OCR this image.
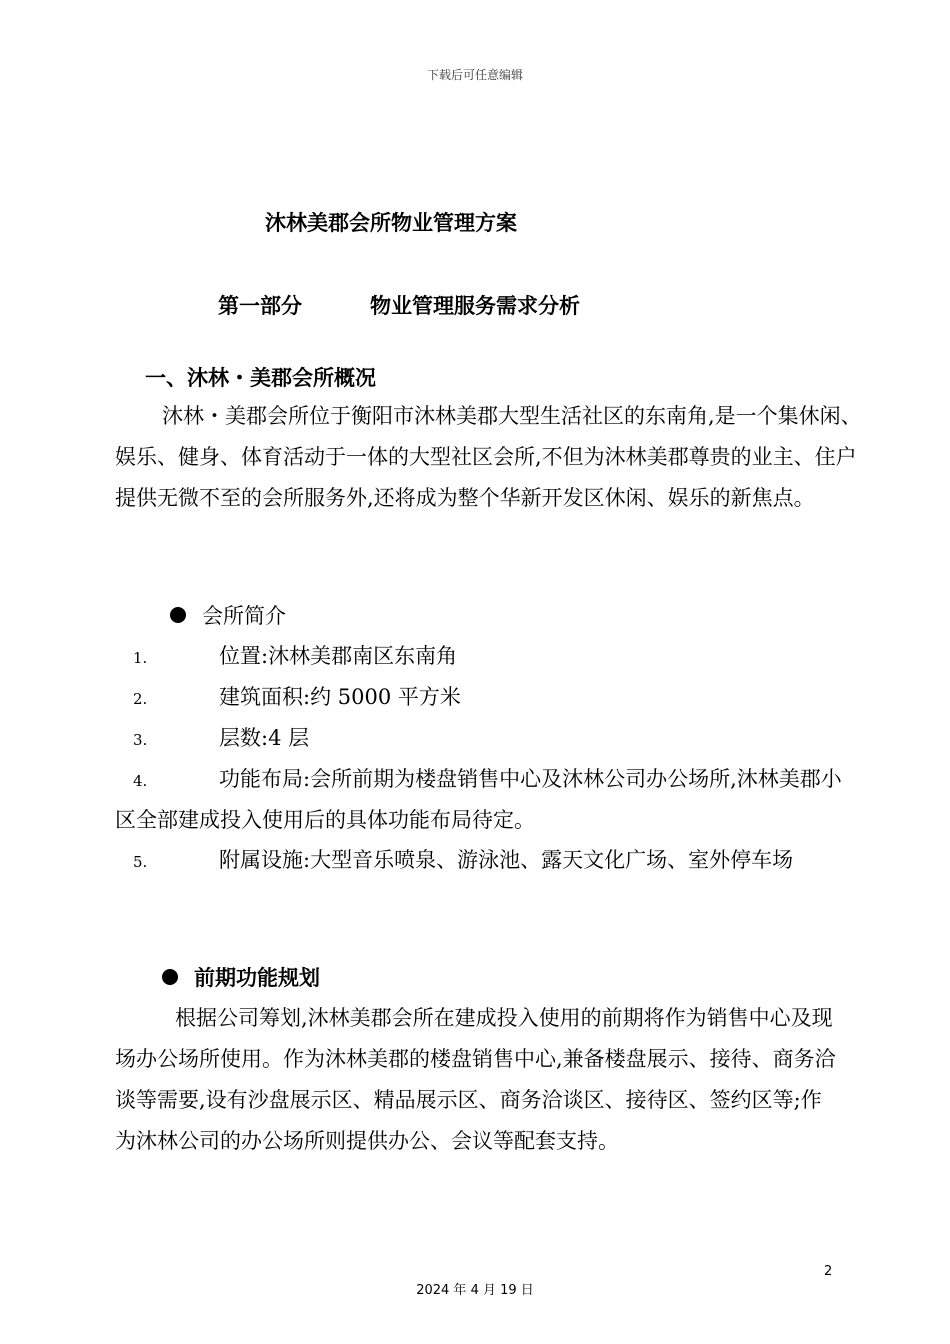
下载后可任意编辑
沐林美郡会所物业管理方案
第一部分	物业管理服务需求分析
一、沐林・美郡会所概况

沐林・美郡会所位于衡阳市沐林美郡大型生活社区的东南角,是一个集休闲、娱乐、健身、体育活动于一体的大型社区会所,不但为沐林美郡尊贵的业主、住户提供无微不至的会所服务外,还将成为整个华新开发区休闲、娱乐的新焦点。

会所简介
1.	位置:沐林美郡南区东南角
2.	建筑面积:约 5000 平方米
3.	层数:4 层
4.	功能布局:会所前期为楼盘销售中心及沐林公司办公场所,沐林美郡小区全部建成投入使用后的具体功能布局待定。
5.	附属设施:大型音乐喷泉、游泳池、露天文化广场、室外停车场
前期功能规划

根据公司筹划,沐林美郡会所在建成投入使用的前期将作为销售中心及现场办公场所使用。作为沐林美郡的楼盘销售中心,兼备楼盘展示、接待、商务洽谈等需要,设有沙盘展示区、精品展示区、商务洽谈区、接待区、签约区等;作为沐林公司的办公场所则提供办公、会议等配套支持。

2
2024 年 4 月 19 日
